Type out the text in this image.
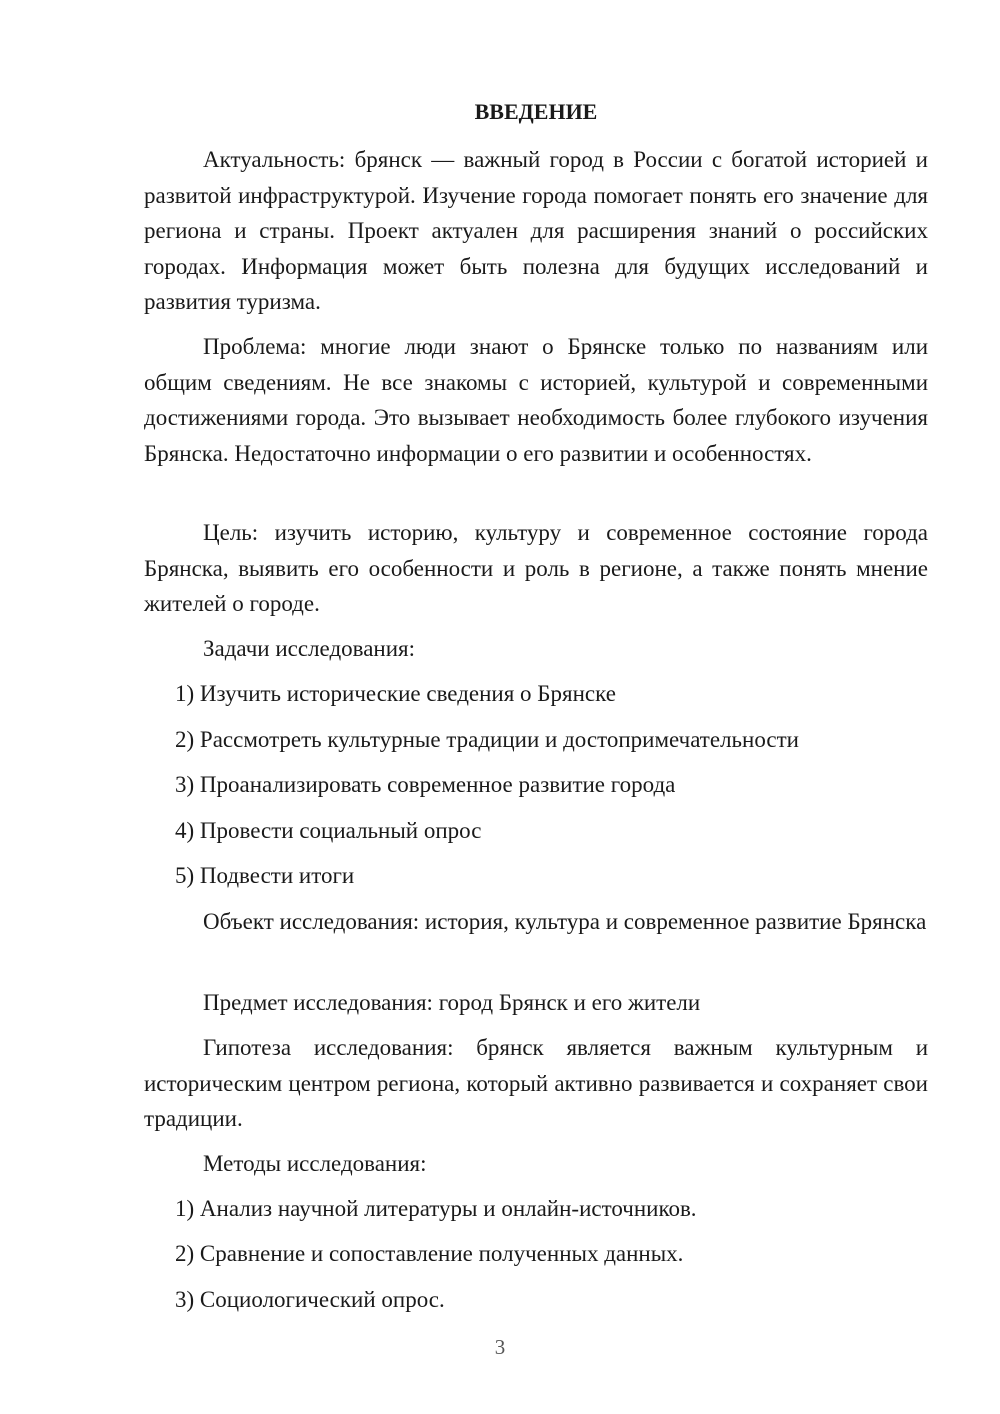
ВВЕДЕНИЕ

Актуальность: брянск — важный город в России с богатой историей и развитой инфраструктурой. Изучение города помогает понять его значение для региона и страны. Проект актуален для расширения знаний о российских городах. Информация может быть полезна для будущих исследований и развития туризма.

Проблема: многие люди знают о Брянске только по названиям или общим сведениям. Не все знакомы с историей, культурой и современными достижениями города. Это вызывает необходимость более глубокого изучения Брянска. Недостаточно информации о его развитии и особенностях.

Цель: изучить историю, культуру и современное состояние города Брянска, выявить его особенности и роль в регионе, а также понять мнение жителей о городе.

Задачи исследования:

1) Изучить исторические сведения о Брянске

2) Рассмотреть культурные традиции и достопримечательности

3) Проанализировать современное развитие города

4) Провести социальный опрос

5) Подвести итоги

Объект исследования: история, культура и современное развитие Брянска

Предмет исследования: город Брянск и его жители

Гипотеза исследования: брянск является важным культурным и историческим центром региона, который активно развивается и сохраняет свои традиции.

Методы исследования:

1) Анализ научной литературы и онлайн-источников.

2) Сравнение и сопоставление полученных данных.

3) Социологический опрос.

3
